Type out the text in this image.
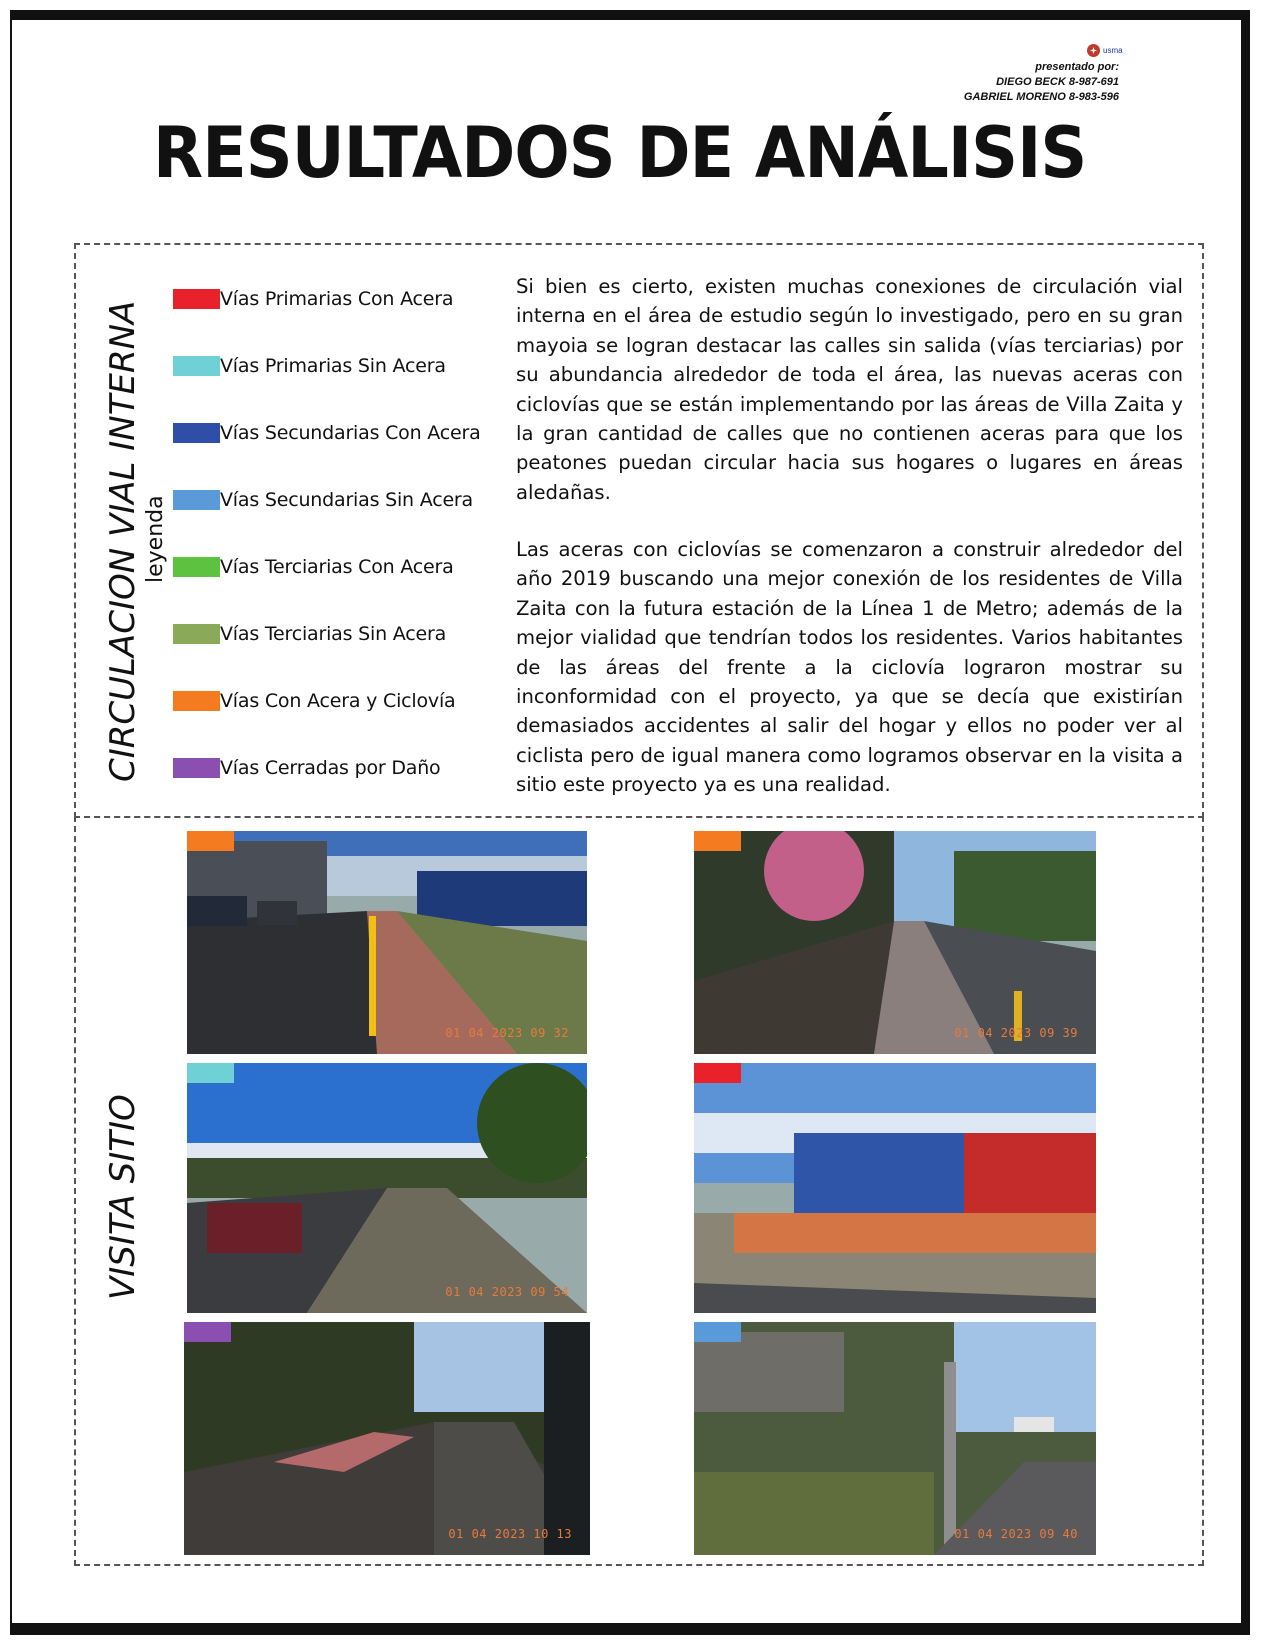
usma
presentado por:
DIEGO BECK 8-987-691
GABRIEL MORENO 8-983-596
RESULTADOS DE ANÁLISIS
CIRCULACION VIAL INTERNA leyenda
VISITA SITIO
Vías Primarias Con Acera
Vías Primarias Sin Acera
Vías Secundarias Con Acera
Vías Secundarias Sin Acera
Vías Terciarias Con Acera
Vías Terciarias Sin Acera
Vías Con Acera y Ciclovía
Vías Cerradas por Daño

Si bien es cierto, existen muchas conexiones de circulación vial interna en el área de estudio según lo investigado, pero en su gran mayoia se logran destacar las calles sin salida (vías terciarias) por su abundancia alrededor de toda el área, las nuevas aceras con ciclovías que se están implementando por las áreas de Villa Zaita y la gran cantidad de calles que no contienen aceras para que los peatones puedan circular hacia sus hogares o lugares en áreas aledañas.

Las aceras con ciclovías se comenzaron a construir alrededor del año 2019 buscando una mejor conexión de los residentes de Villa Zaita con la futura estación de la Línea 1 de Metro; además de la mejor vialidad que tendrían todos los residentes. Varios habitantes de las áreas del frente a la ciclovía lograron mostrar su inconformidad con el proyecto, ya que se decía que existirían demasiados accidentes al salir del hogar y ellos no poder ver al ciclista pero de igual manera como logramos observar en la visita a sitio este proyecto ya es una realidad.

01 04 2023 09 32	01 04 2023 09 39
01 04 2023 09 54
01 04 2023 10 13	01 04 2023 09 40
